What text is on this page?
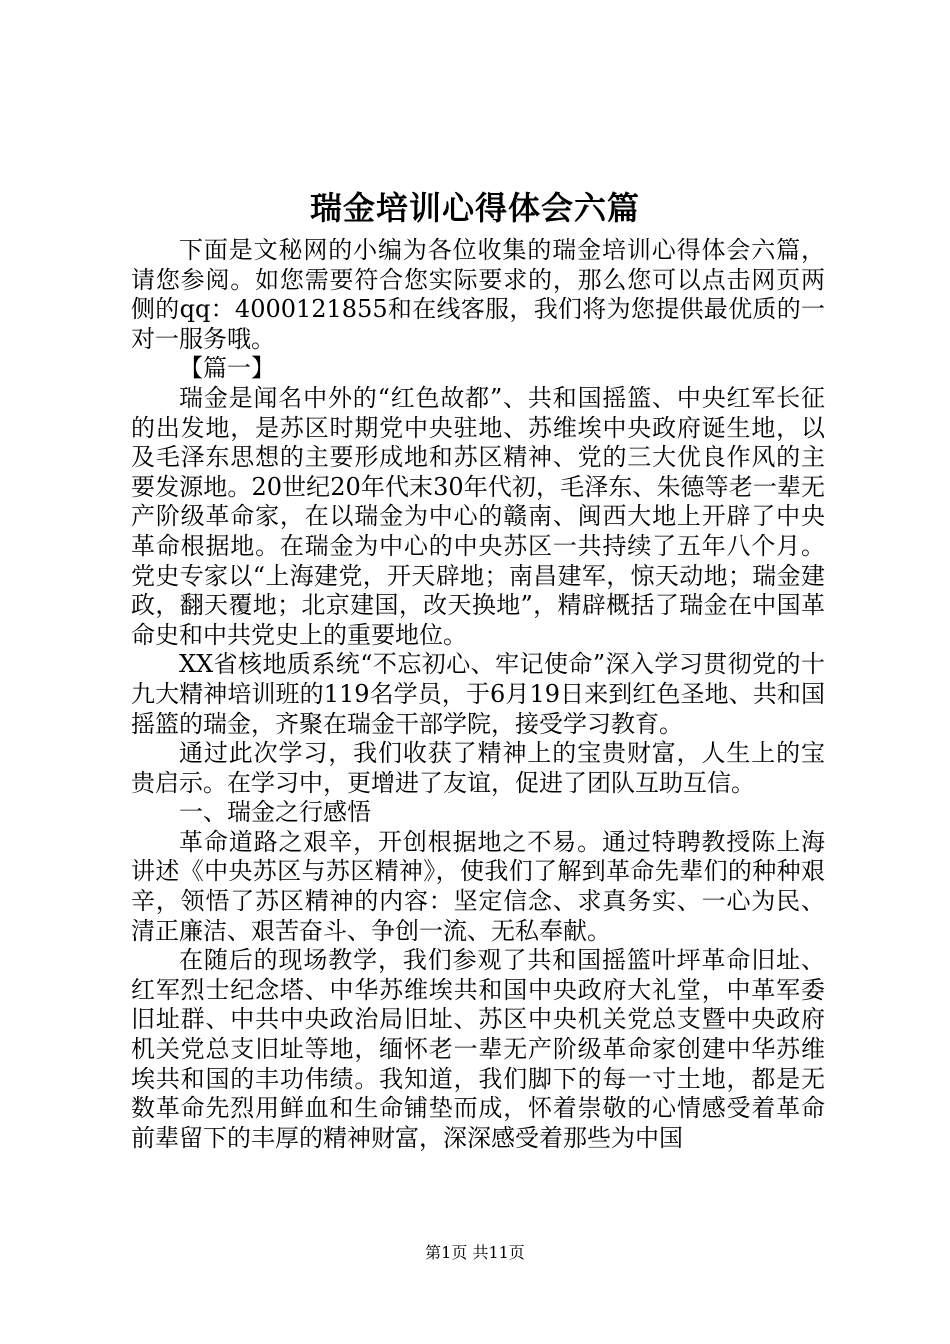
瑞金培训心得体会六篇

下面是文秘网的小编为各位收集的瑞金培训心得体会六篇，请您参阅。如您需要符合您实际要求的，那么您可以点击网页两侧的qq：4000121855和在线客服，我们将为您提供最优质的一对一服务哦。

【篇一】

瑞金是闻名中外的“红色故都”、共和国摇篮、中央红军长征的出发地，是苏区时期党中央驻地、苏维埃中央政府诞生地，以及毛泽东思想的主要形成地和苏区精神、党的三大优良作风的主要发源地。20世纪20年代末30年代初，毛泽东、朱德等老一辈无产阶级革命家，在以瑞金为中心的赣南、闽西大地上开辟了中央革命根据地。在瑞金为中心的中央苏区一共持续了五年八个月。党史专家以“上海建党，开天辟地；南昌建军，惊天动地；瑞金建政，翻天覆地；北京建国，改天换地”，精辟概括了瑞金在中国革命史和中共党史上的重要地位。

XX省核地质系统“不忘初心、牢记使命”深入学习贯彻党的十九大精神培训班的119名学员，于6月19日来到红色圣地、共和国摇篮的瑞金，齐聚在瑞金干部学院，接受学习教育。

通过此次学习，我们收获了精神上的宝贵财富，人生上的宝贵启示。在学习中，更增进了友谊，促进了团队互助互信。

一、瑞金之行感悟

革命道路之艰辛，开创根据地之不易。通过特聘教授陈上海讲述《中央苏区与苏区精神》，使我们了解到革命先辈们的种种艰辛，领悟了苏区精神的内容：坚定信念、求真务实、一心为民、清正廉洁、艰苦奋斗、争创一流、无私奉献。

在随后的现场教学，我们参观了共和国摇篮叶坪革命旧址、红军烈士纪念塔、中华苏维埃共和国中央政府大礼堂，中革军委旧址群、中共中央政治局旧址、苏区中央机关党总支暨中央政府机关党总支旧址等地，缅怀老一辈无产阶级革命家创建中华苏维埃共和国的丰功伟绩。我知道，我们脚下的每一寸土地，都是无数革命先烈用鲜血和生命铺垫而成，怀着崇敬的心情感受着革命前辈留下的丰厚的精神财富，深深感受着那些为中国

第1页 共11页
